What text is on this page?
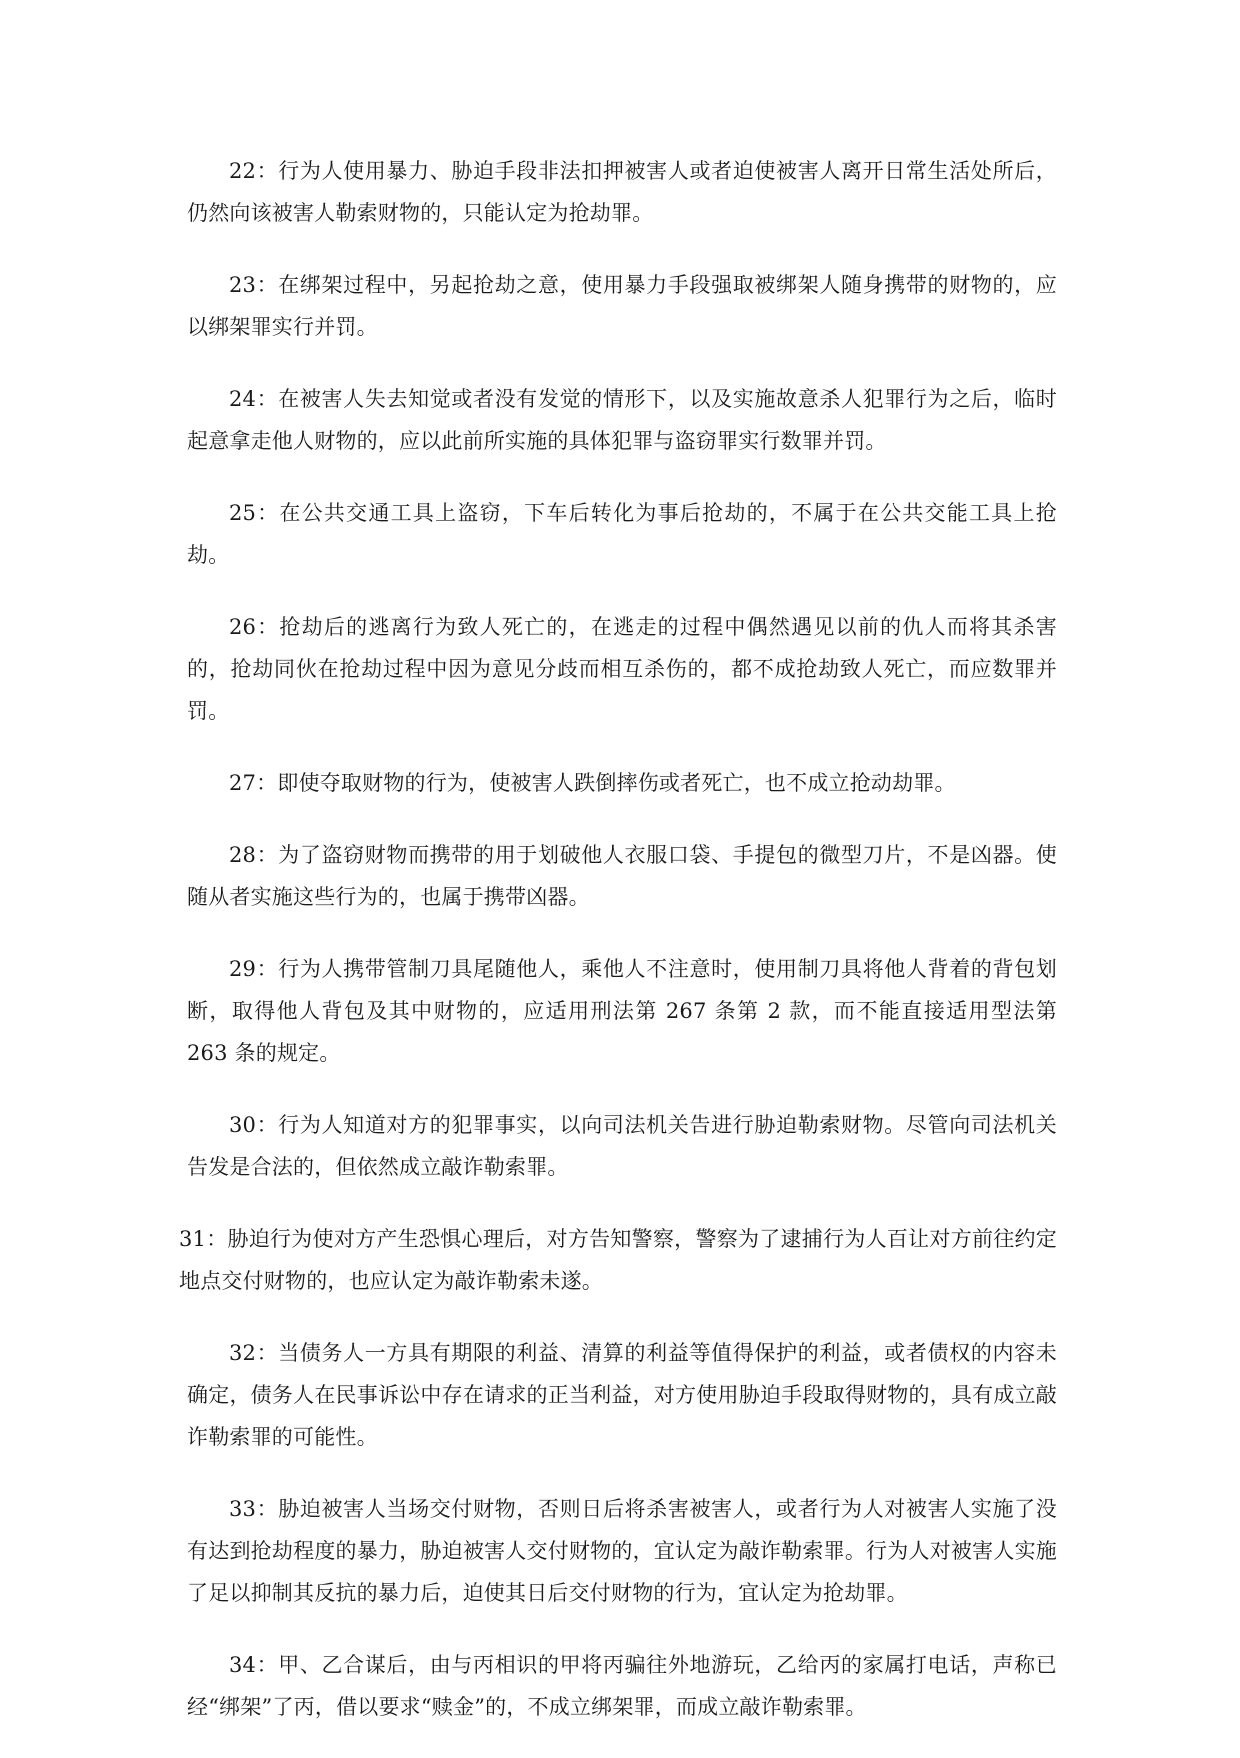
22：行为人使用暴力、胁迫手段非法扣押被害人或者迫使被害人离开日常生活处所后，仍然向该被害人勒索财物的，只能认定为抢劫罪。

23：在绑架过程中，另起抢劫之意，使用暴力手段强取被绑架人随身携带的财物的，应以绑架罪实行并罚。

24：在被害人失去知觉或者没有发觉的情形下，以及实施故意杀人犯罪行为之后，临时起意拿走他人财物的，应以此前所实施的具体犯罪与盗窃罪实行数罪并罚。

25：在公共交通工具上盗窃，下车后转化为事后抢劫的，不属于在公共交能工具上抢劫。

26：抢劫后的逃离行为致人死亡的，在逃走的过程中偶然遇见以前的仇人而将其杀害的，抢劫同伙在抢劫过程中因为意见分歧而相互杀伤的，都不成抢劫致人死亡，而应数罪并罚。

27：即使夺取财物的行为，使被害人跌倒摔伤或者死亡，也不成立抢动劫罪。

28：为了盗窃财物而携带的用于划破他人衣服口袋、手提包的微型刀片，不是凶器。使随从者实施这些行为的，也属于携带凶器。

29：行为人携带管制刀具尾随他人，乘他人不注意时，使用制刀具将他人背着的背包划断，取得他人背包及其中财物的，应适用刑法第 267 条第 2 款，而不能直接适用型法第 263 条的规定。

30：行为人知道对方的犯罪事实，以向司法机关告进行胁迫勒索财物。尽管向司法机关告发是合法的，但依然成立敲诈勒索罪。

31：胁迫行为使对方产生恐惧心理后，对方告知警察，警察为了逮捕行为人百让对方前往约定地点交付财物的，也应认定为敲诈勒索未遂。

32：当债务人一方具有期限的利益、清算的利益等值得保护的利益，或者债权的内容未确定，债务人在民事诉讼中存在请求的正当利益，对方使用胁迫手段取得财物的，具有成立敲诈勒索罪的可能性。

33：胁迫被害人当场交付财物，否则日后将杀害被害人，或者行为人对被害人实施了没有达到抢劫程度的暴力，胁迫被害人交付财物的，宜认定为敲诈勒索罪。行为人对被害人实施了足以抑制其反抗的暴力后，迫使其日后交付财物的行为，宜认定为抢劫罪。

34：甲、乙合谋后，由与丙相识的甲将丙骗往外地游玩，乙给丙的家属打电话，声称已经“绑架”了丙，借以要求“赎金”的，不成立绑架罪，而成立敲诈勒索罪。
